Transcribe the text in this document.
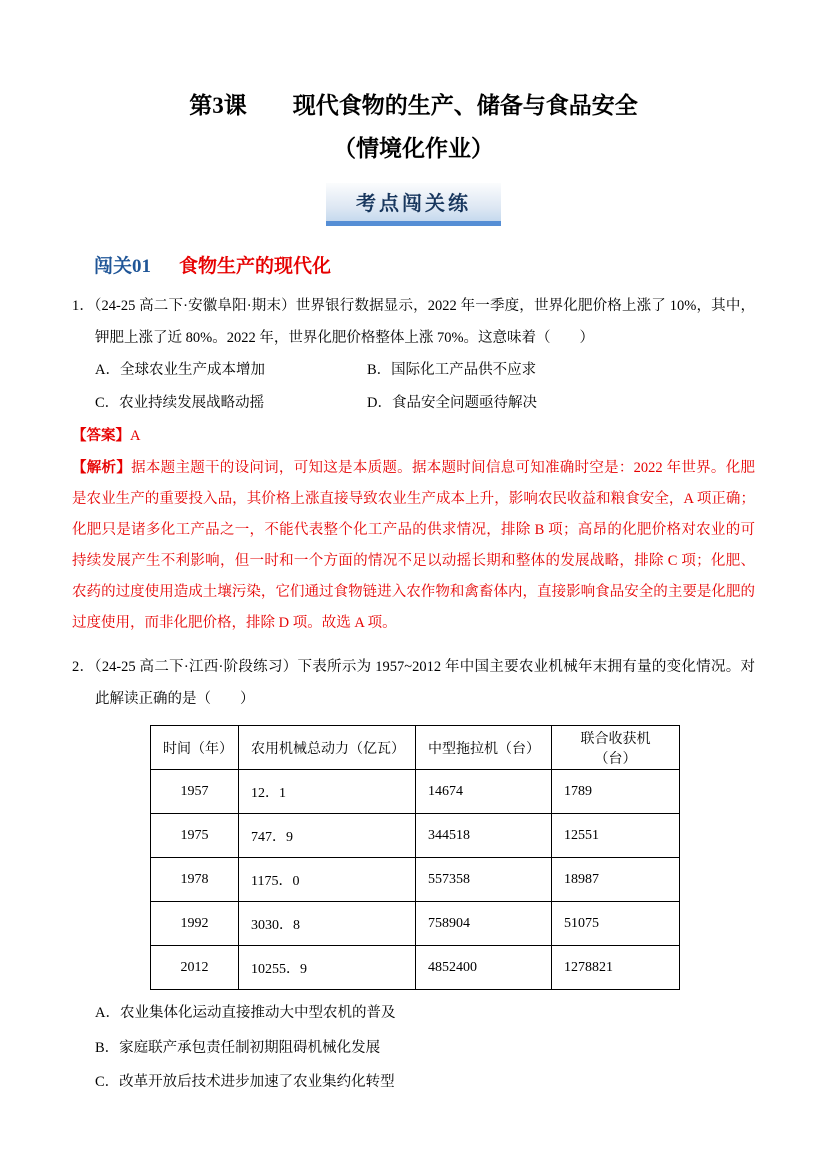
第3课　　现代食物的生产、储备与食品安全
（情境化作业）
考点闯关练
闯关01 食物生产的现代化

1．（24-25 高二下·安徽阜阳·期末）世界银行数据显示，2022 年一季度，世界化肥价格上涨了 10%，其中，钾肥上涨了近 80%。2022 年，世界化肥价格整体上涨 70%。这意味着（　　）

A．全球农业生产成本增加	B．国际化工产品供不应求
C．农业持续发展战略动摇	D．食品安全问题亟待解决

【答案】A

【解析】据本题主题干的设问词，可知这是本质题。据本题时间信息可知准确时空是：2022 年世界。化肥是农业生产的重要投入品，其价格上涨直接导致农业生产成本上升，影响农民收益和粮食安全，A 项正确；化肥只是诸多化工产品之一，不能代表整个化工产品的供求情况，排除 B 项；高昂的化肥价格对农业的可持续发展产生不利影响，但一时和一个方面的情况不足以动摇长期和整体的发展战略，排除 C 项；化肥、农药的过度使用造成土壤污染，它们通过食物链进入农作物和禽畜体内，直接影响食品安全的主要是化肥的过度使用，而非化肥价格，排除 D 项。故选 A 项。

2．（24-25 高二下·江西·阶段练习）下表所示为 1957~2012 年中国主要农业机械年末拥有量的变化情况。对此解读正确的是（　　）

时间（年）	农用机械总动力（亿瓦）	中型拖拉机（台）	联合收获机（台）
1957	12．1	14674	1789
1975	747．9	344518	12551
1978	1175．0	557358	18987
1992	3030．8	758904	51075
2012	10255．9	4852400	1278821

A．农业集体化运动直接推动大中型农机的普及

B．家庭联产承包责任制初期阻碍机械化发展

C．改革开放后技术进步加速了农业集约化转型
